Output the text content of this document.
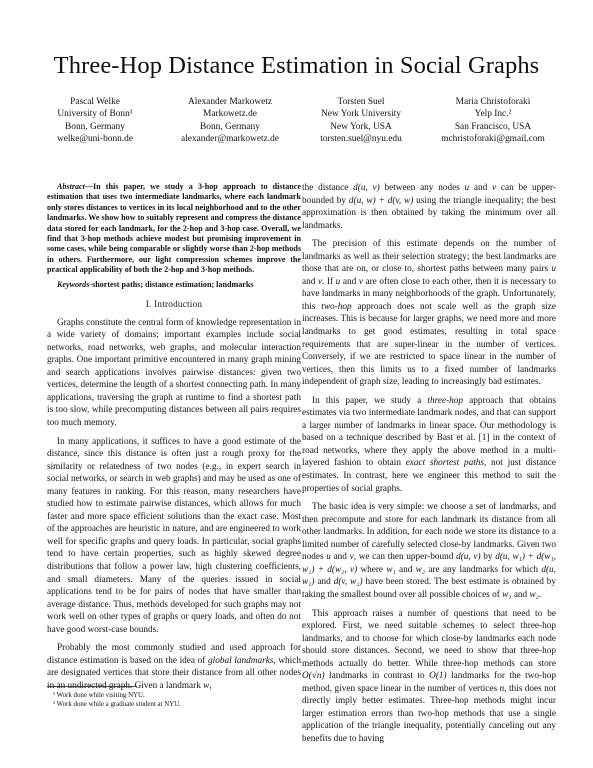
Three-Hop Distance Estimation in Social Graphs
Pascal Welke
University of Bonn¹
Bonn, Germany
welke@uni-bonn.de
Alexander Markowetz
Markowetz.de
Bonn, Germany
alexander@markowetz.de
Torsten Suel
New York University
New York, USA
torsten.suel@nyu.edu
Maria Christoforaki
Yelp Inc.²
San Francisco, USA
mchristoforaki@gmail.com

Abstract—In this paper, we study a 3-hop approach to distance estimation that uses two intermediate landmarks, where each landmark only stores distances to vertices in its local neighborhood and to the other landmarks. We show how to suitably represent and compress the distance data stored for each landmark, for the 2-hop and 3-hop case. Overall, we find that 3-hop methods achieve modest but promising improvement in some cases, while being comparable or slightly worse than 2-hop methods in others. Furthermore, our light compression schemes improve the practical applicability of both the 2-hop and 3-hop methods.

Keywords-shortest paths; distance estimation; landmarks
I. Introduction

Graphs constitute the central form of knowledge representation in a wide variety of domains; important examples include social networks, road networks, web graphs, and molecular interaction graphs. One important primitive encountered in many graph mining and search applications involves pairwise distances: given two vertices, determine the length of a shortest connecting path. In many applications, traversing the graph at runtime to find a shortest path is too slow, while precomputing distances between all pairs requires too much memory.

In many applications, it suffices to have a good estimate of the distance, since this distance is often just a rough proxy for the similarity or relatedness of two nodes (e.g., in expert search in social networks, or search in web graphs) and may be used as one of many features in ranking. For this reason, many researchers have studied how to estimate pairwise distances, which allows for much faster and more space efficient solutions than the exact case. Most of the approaches are heuristic in nature, and are engineered to work well for specific graphs and query loads. In particular, social graphs tend to have certain properties, such as highly skewed degree distributions that follow a power law, high clustering coefficients, and small diameters. Many of the queries issued in social applications tend to be for pairs of nodes that have smaller than average distance. Thus, methods developed for such graphs may not work well on other types of graphs or query loads, and often do not have good worst-case bounds.

Probably the most commonly studied and used approach for distance estimation is based on the idea of global landmarks, which are designated vertices that store their distance from all other nodes in an undirected graph. Given a landmark w,

¹ Work done while visiting NYU.
² Work done while a graduate student at NYU.

the distance d(u, v) between any nodes u and v can be upper-bounded by d(u, w) + d(v, w) using the triangle inequality; the best approximation is then obtained by taking the minimum over all landmarks.

The precision of this estimate depends on the number of landmarks as well as their selection strategy; the best landmarks are those that are on, or close to, shortest paths between many pairs u and v. If u and v are often close to each other, then it is necessary to have landmarks in many neighborhoods of the graph. Unfortunately, this two-hop approach does not scale well as the graph size increases. This is because for larger graphs, we need more and more landmarks to get good estimates, resulting in total space requirements that are super-linear in the number of vertices. Conversely, if we are restricted to space linear in the number of vertices, then this limits us to a fixed number of landmarks independent of graph size, leading to increasingly bad estimates.

In this paper, we study a three-hop approach that obtains estimates via two intermediate landmark nodes, and that can support a larger number of landmarks in linear space. Our methodology is based on a technique described by Bast et al. [1] in the context of road networks, where they apply the above method in a multi-layered fashion to obtain exact shortest paths, not just distance estimates. In contrast, here we engineer this method to suit the properties of social graphs.

The basic idea is very simple: we choose a set of landmarks, and then precompute and store for each landmark its distance from all other landmarks. In addition, for each node we store its distance to a limited number of carefully selected close-by landmarks. Given two nodes u and v, we can then upper-bound d(u, v) by d(u, w₁) + d(w₁, w₂) + d(w₂, v) where w₁ and w₂ are any landmarks for which d(u, w₁) and d(v, w₂) have been stored. The best estimate is obtained by taking the smallest bound over all possible choices of w₁ and w₂.

This approach raises a number of questions that need to be explored. First, we need suitable schemes to select three-hop landmarks, and to choose for which close-by landmarks each node should store distances. Second, we need to show that three-hop methods actually do better. While three-hop methods can store O(√n) landmarks in contrast to O(1) landmarks for the two-hop method, given space linear in the number of vertices n, this does not directly imply better estimates. Three-hop methods might incur larger estimation errors than two-hop methods that use a single application of the triangle inequality, potentially canceling out any benefits due to having
